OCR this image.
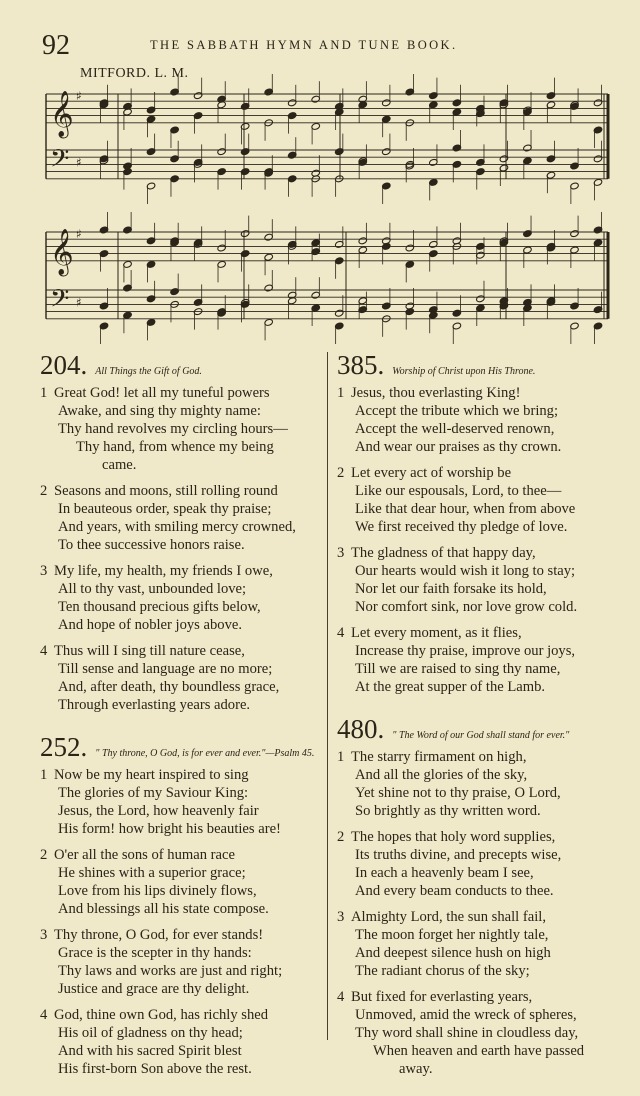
92	THE SABBATH HYMN AND TUNE BOOK.
MITFORD. L. M.
𝄞
𝄢
♯
♯
𝄞
𝄢
♯
♯
204. All Things the Gift of God.
1 Great God! let all my tuneful powers
Awake, and sing thy mighty name:
Thy hand revolves my circling hours—
Thy hand, from whence my being
came.
2 Seasons and moons, still rolling round
In beauteous order, speak thy praise;
And years, with smiling mercy crowned,
To thee successive honors raise.
3 My life, my health, my friends I owe,
All to thy vast, unbounded love;
Ten thousand precious gifts below,
And hope of nobler joys above.
4 Thus will I sing till nature cease,
Till sense and language are no more;
And, after death, thy boundless grace,
Through everlasting years adore.
252. " Thy throne, O God, is for ever and ever."—Psalm 45.
1 Now be my heart inspired to sing
The glories of my Saviour King:
Jesus, the Lord, how heavenly fair
His form! how bright his beauties are!
2 O'er all the sons of human race
He shines with a superior grace;
Love from his lips divinely flows,
And blessings all his state compose.
3 Thy throne, O God, for ever stands!
Grace is the scepter in thy hands:
Thy laws and works are just and right;
Justice and grace are thy delight.
4 God, thine own God, has richly shed
His oil of gladness on thy head;
And with his sacred Spirit blest
His first-born Son above the rest.
385. Worship of Christ upon His Throne.
1 Jesus, thou everlasting King!
Accept the tribute which we bring;
Accept the well-deserved renown,
And wear our praises as thy crown.
2 Let every act of worship be
Like our espousals, Lord, to thee—
Like that dear hour, when from above
We first received thy pledge of love.
3 The gladness of that happy day,
Our hearts would wish it long to stay;
Nor let our faith forsake its hold,
Nor comfort sink, nor love grow cold.
4 Let every moment, as it flies,
Increase thy praise, improve our joys,
Till we are raised to sing thy name,
At the great supper of the Lamb.
480. " The Word of our God shall stand for ever."
1 The starry firmament on high,
And all the glories of the sky,
Yet shine not to thy praise, O Lord,
So brightly as thy written word.
2 The hopes that holy word supplies,
Its truths divine, and precepts wise,
In each a heavenly beam I see,
And every beam conducts to thee.
3 Almighty Lord, the sun shall fail,
The moon forget her nightly tale,
And deepest silence hush on high
The radiant chorus of the sky;
4 But fixed for everlasting years,
Unmoved, amid the wreck of spheres,
Thy word shall shine in cloudless day,
When heaven and earth have passed
away.
